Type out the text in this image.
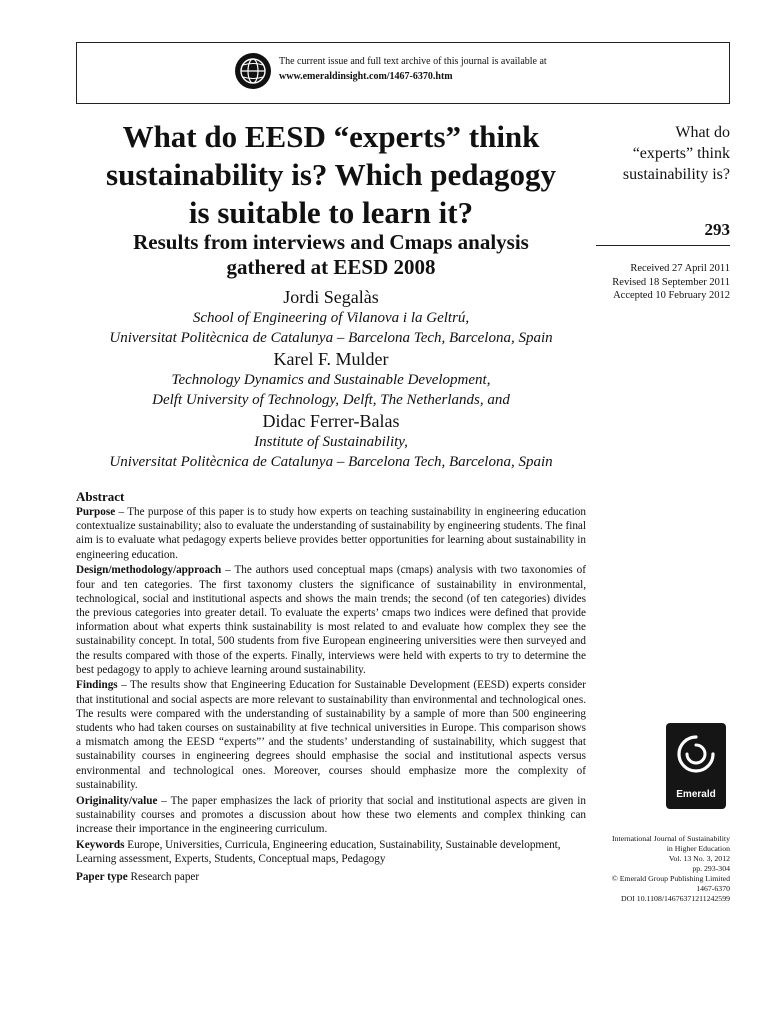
The current issue and full text archive of this journal is available at
www.emeraldinsight.com/1467-6370.htm
What do EESD “experts” think
sustainability is? Which pedagogy
is suitable to learn it?
Results from interviews and Cmaps analysis
gathered at EESD 2008
Jordi Segalàs
School of Engineering of Vilanova i la Geltrú,
Universitat Politècnica de Catalunya – Barcelona Tech, Barcelona, Spain
Karel F. Mulder
Technology Dynamics and Sustainable Development,
Delft University of Technology, Delft, The Netherlands, and
Didac Ferrer-Balas
Institute of Sustainability,
Universitat Politècnica de Catalunya – Barcelona Tech, Barcelona, Spain
Abstract

Purpose – The purpose of this paper is to study how experts on teaching sustainability in engineering education contextualize sustainability; also to evaluate the understanding of sustainability by engineering students. The final aim is to evaluate what pedagogy experts believe provides better opportunities for learning about sustainability in engineering education.

Design/methodology/approach – The authors used conceptual maps (cmaps) analysis with two taxonomies of four and ten categories. The first taxonomy clusters the significance of sustainability in environmental, technological, social and institutional aspects and shows the main trends; the second (of ten categories) divides the previous categories into greater detail. To evaluate the experts’ cmaps two indices were defined that provide information about what experts think sustainability is most related to and evaluate how complex they see the sustainability concept. In total, 500 students from five European engineering universities were then surveyed and the results compared with those of the experts. Finally, interviews were held with experts to try to determine the best pedagogy to apply to achieve learning around sustainability.

Findings – The results show that Engineering Education for Sustainable Development (EESD) experts consider that institutional and social aspects are more relevant to sustainability than environmental and technological ones. The results were compared with the understanding of sustainability by a sample of more than 500 engineering students who had taken courses on sustainability at five technical universities in Europe. This comparison shows a mismatch among the EESD “experts”’ and the students’ understanding of sustainability, which suggest that sustainability courses in engineering degrees should emphasise the social and institutional aspects versus environmental and technological ones. Moreover, courses should emphasize more the complexity of sustainability.

Originality/value – The paper emphasizes the lack of priority that social and institutional aspects are given in sustainability courses and promotes a discussion about how these two elements and complex thinking can increase their importance in the engineering curriculum.

Keywords Europe, Universities, Curricula, Engineering education, Sustainability, Sustainable development, Learning assessment, Experts, Students, Conceptual maps, Pedagogy

Paper type Research paper

What do
“experts” think
sustainability is?
293
Received 27 April 2011
Revised 18 September 2011
Accepted 10 February 2012
Emerald
International Journal of Sustainability
in Higher Education
Vol. 13 No. 3, 2012
pp. 293-304
© Emerald Group Publishing Limited
1467-6370
DOI 10.1108/14676371211242599
